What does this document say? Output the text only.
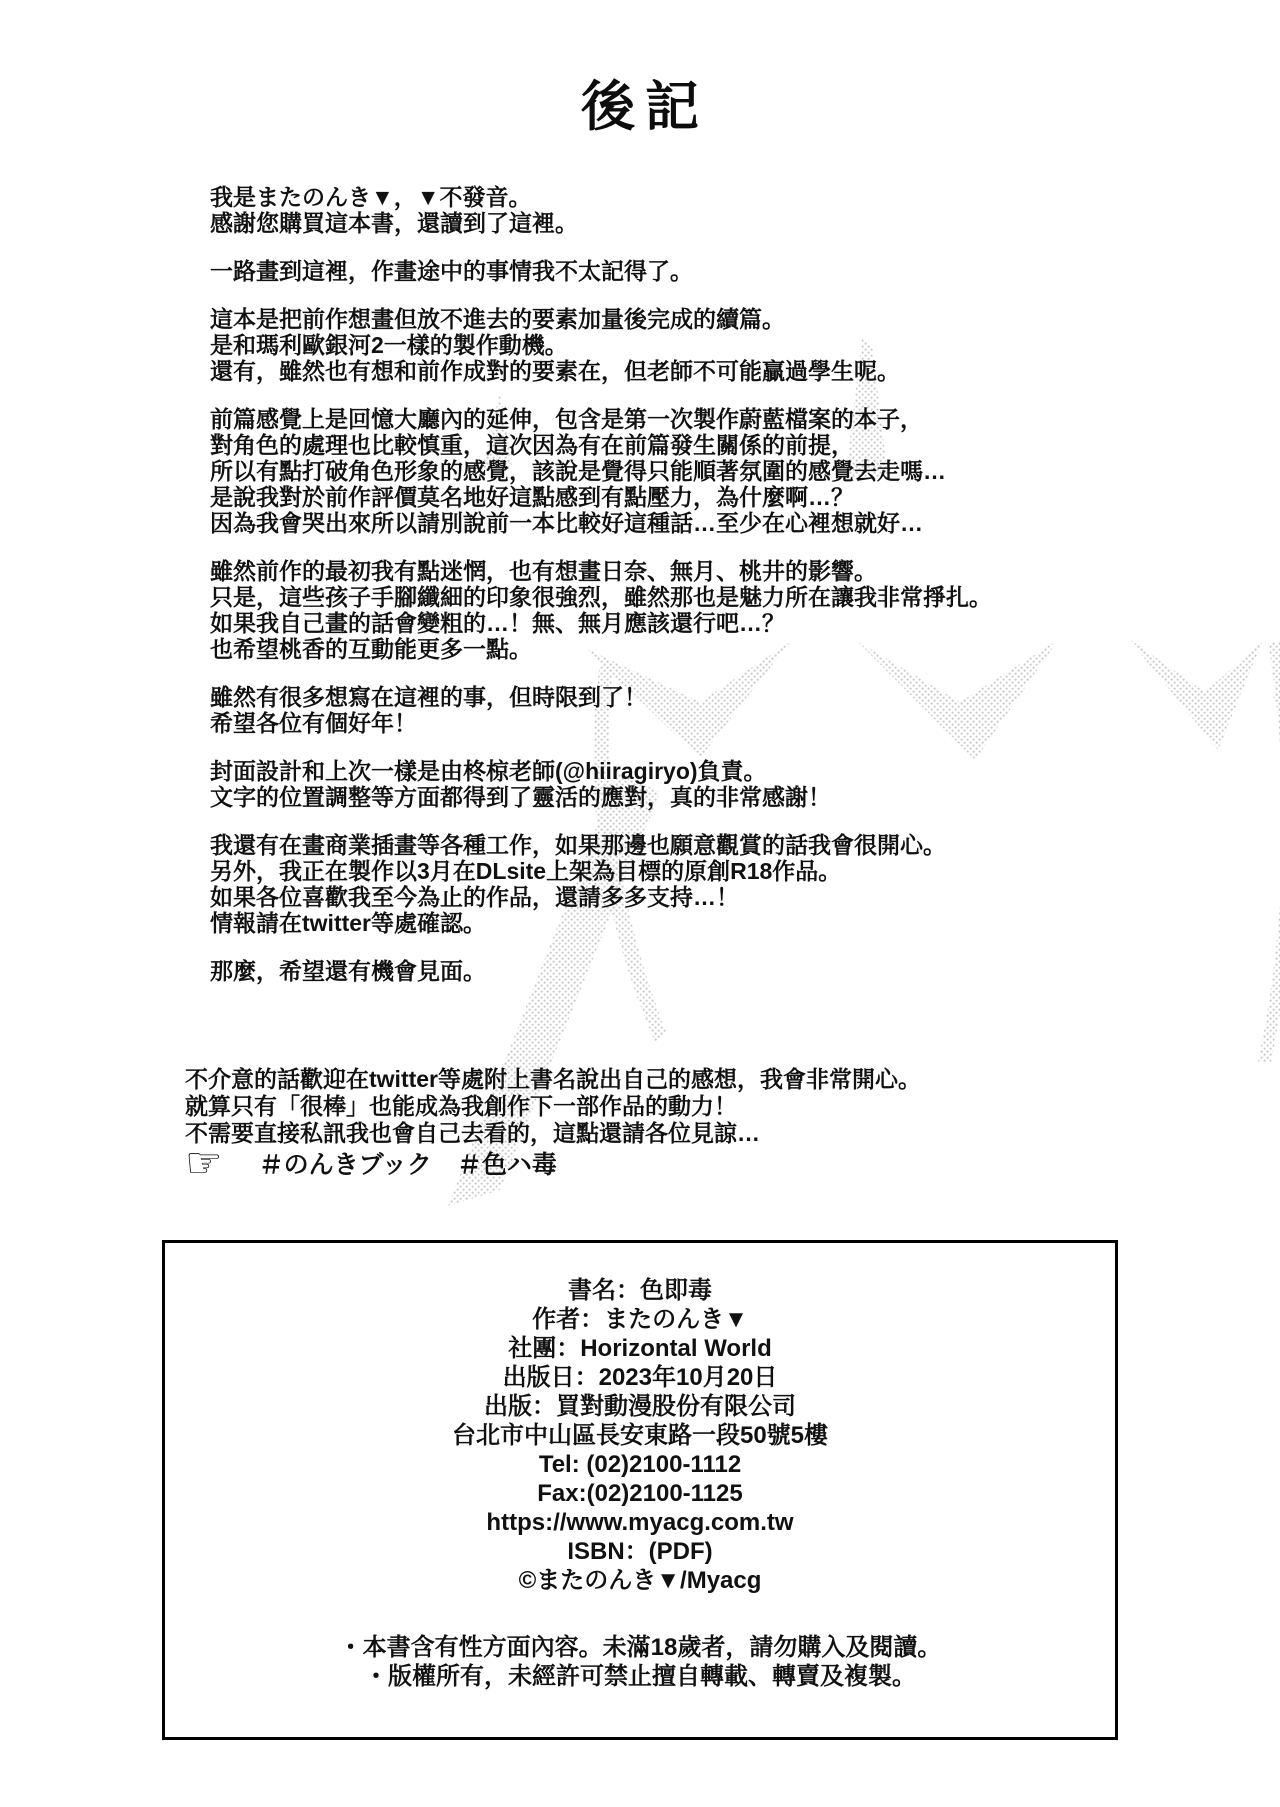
後記

我是またのんき▼，▼不發音。
感謝您購買這本書，還讀到了這裡。

一路畫到這裡，作畫途中的事情我不太記得了。

這本是把前作想畫但放不進去的要素加量後完成的續篇。
是和瑪利歐銀河2一樣的製作動機。
還有，雖然也有想和前作成對的要素在，但老師不可能贏過學生呢。

前篇感覺上是回憶大廳內的延伸，包含是第一次製作蔚藍檔案的本子，
對角色的處理也比較慎重，這次因為有在前篇發生關係的前提，
所以有點打破角色形象的感覺，該說是覺得只能順著氛圍的感覺去走嗎…
是說我對於前作評價莫名地好這點感到有點壓力，為什麼啊…？
因為我會哭出來所以請別說前一本比較好這種話…至少在心裡想就好…

雖然前作的最初我有點迷惘，也有想畫日奈、無月、桃井的影響。
只是，這些孩子手腳纖細的印象很強烈，雖然那也是魅力所在讓我非常掙扎。
如果我自己畫的話會變粗的…！無、無月應該還行吧…？
也希望桃香的互動能更多一點。

雖然有很多想寫在這裡的事，但時限到了！
希望各位有個好年！

封面設計和上次一樣是由柊椋老師(@hiiragiryo)負責。
文字的位置調整等方面都得到了靈活的應對，真的非常感謝！

我還有在畫商業插畫等各種工作，如果那邊也願意觀賞的話我會很開心。
另外，我正在製作以3月在DLsite上架為目標的原創R18作品。
如果各位喜歡我至今為止的作品，還請多多支持…！
情報請在twitter等處確認。

那麼，希望還有機會見面。

不介意的話歡迎在twitter等處附上書名說出自己的感想，我會非常開心。
就算只有「很棒」也能成為我創作下一部作品的動力！
不需要直接私訊我也會自己去看的，這點還請各位見諒…
☞ ＃のんきブック　＃色ハ毒
書名：色即毒
作者：またのんき▼
社團：Horizontal World
出版日：2023年10月20日
出版：買對動漫股份有限公司
台北市中山區長安東路一段50號5樓
Tel: (02)2100-1112
Fax:(02)2100-1125
https://www.myacg.com.tw
ISBN：(PDF)
©またのんき▼/Myacg
・本書含有性方面內容。未滿18歲者，請勿購入及閱讀。
・版權所有，未經許可禁止擅自轉載、轉賣及複製。
